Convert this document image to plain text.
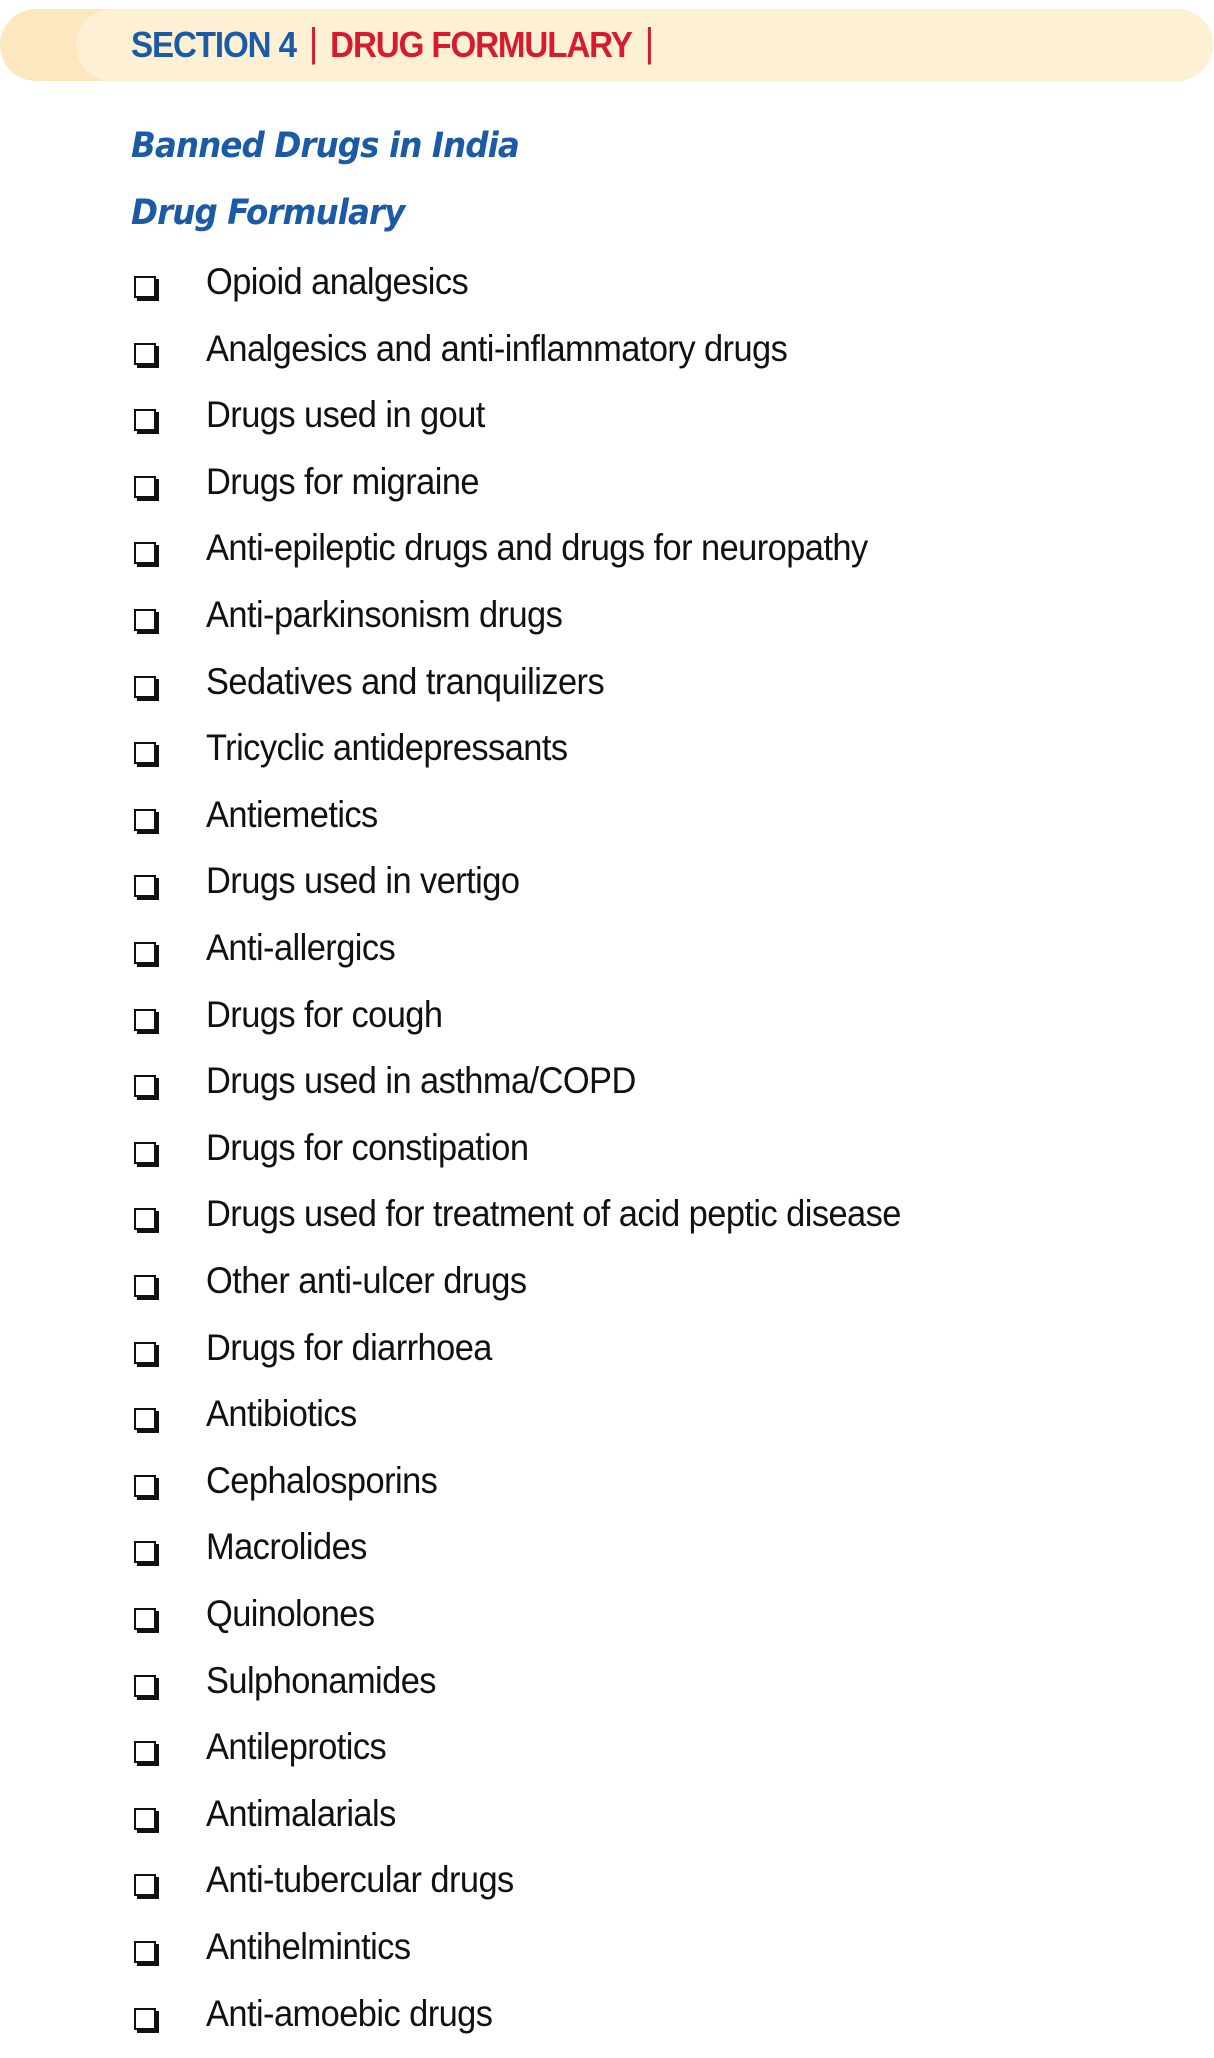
SECTION 4 | DRUG FORMULARY |
Banned Drugs in India
Drug Formulary
Opioid analgesics
Analgesics and anti-inflammatory drugs
Drugs used in gout
Drugs for migraine
Anti-epileptic drugs and drugs for neuropathy
Anti-parkinsonism drugs
Sedatives and tranquilizers
Tricyclic antidepressants
Antiemetics
Drugs used in vertigo
Anti-allergics
Drugs for cough
Drugs used in asthma/COPD
Drugs for constipation
Drugs used for treatment of acid peptic disease
Other anti-ulcer drugs
Drugs for diarrhoea
Antibiotics
Cephalosporins
Macrolides
Quinolones
Sulphonamides
Antileprotics
Antimalarials
Anti-tubercular drugs
Antihelmintics
Anti-amoebic drugs
